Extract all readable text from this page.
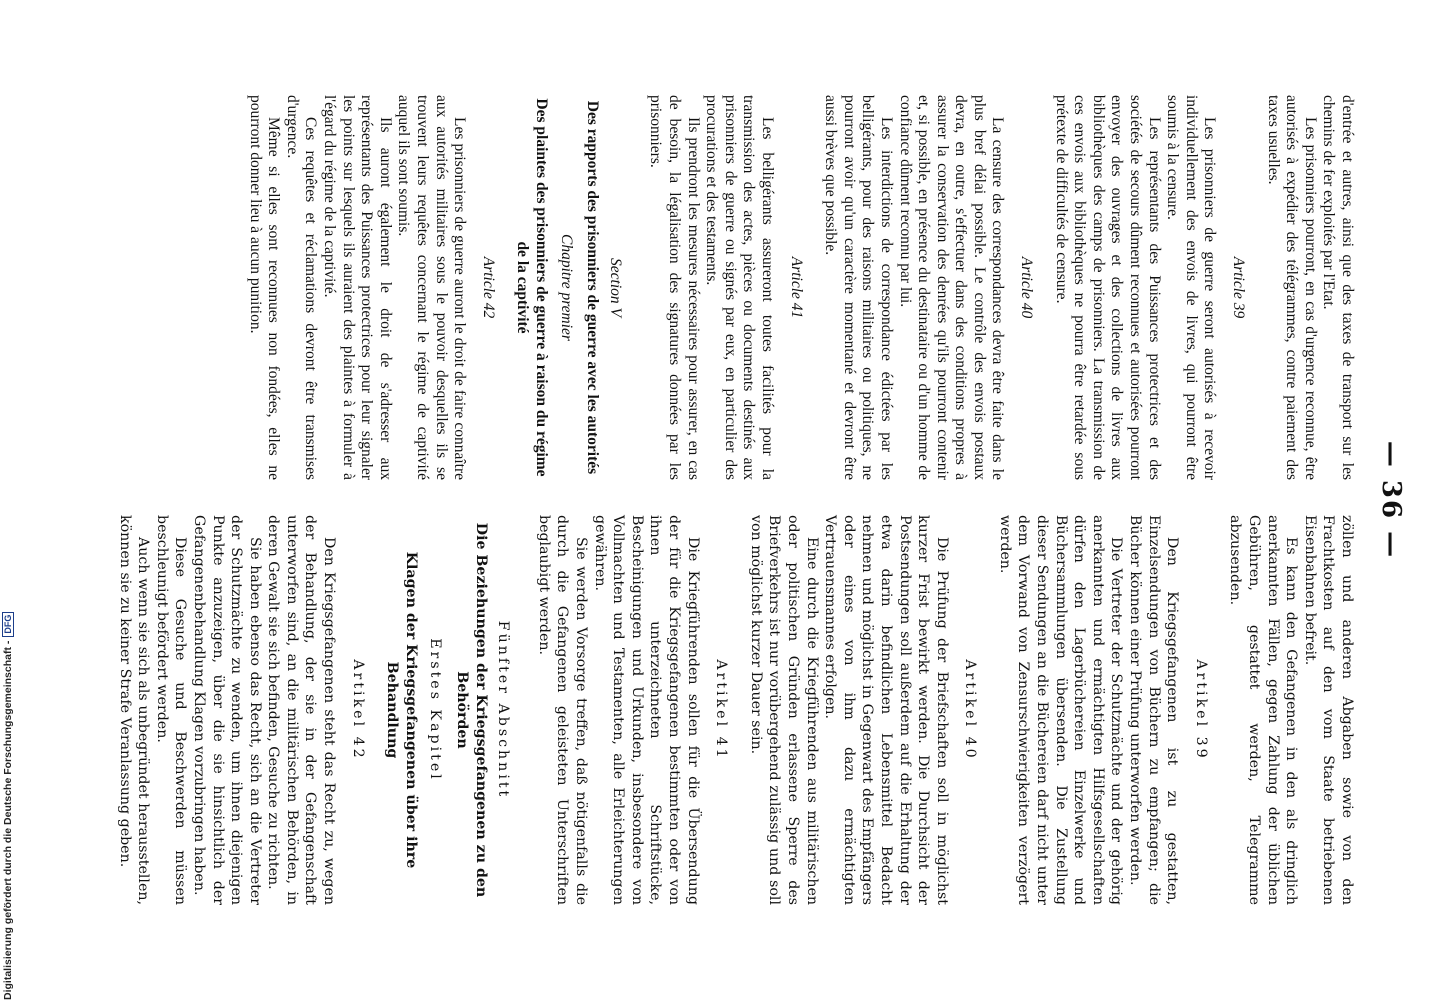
— 36 —

d'entrée et autres, ainsi que des taxes de transport sur les chemins de fer exploités par l'Etat.

Les prisonniers pourront, en cas d'urgence reconnue, être autorisés à expédier des télégrammes, contre paiement des taxes usuelles.

Article 39

Les prisonniers de guerre seront autorisés à recevoir individuellement des envois de livres, qui pourront être soumis à la censure.

Les représentants des Puissances protectrices et des sociétés de secours dûment reconnues et autorisées pourront envoyer des ouvrages et des collections de livres aux bibliothèques des camps de prisonniers. La transmission de ces envois aux bibliothèques ne pourra être retardée sous prétexte de difficultés de censure.

Article 40

La censure des correspondances devra être faite dans le plus bref délai possible. Le contrôle des envois postaux devra, en outre, s'effectuer dans des conditions propres à assurer la conservation des denrées qu'ils pourront contenir et, si possible, en présence du destinataire ou d'un homme de confiance dûment reconnu par lui.

Les interdictions de correspondance édictées par les belligérants, pour des raisons militaires ou politiques, ne pourront avoir qu'un caractère momentané et devront être aussi brèves que possible.

Article 41

Les belligérants assureront toutes facilités pour la transmission des actes, pièces ou documents destinés aux prisonniers de guerre ou signés par eux, en particulier des procurations et des testaments.

Ils prendront les mesures nécessaires pour assurer, en cas de besoin, la légalisation des signatures données par les prisonniers.

Section V
Des rapports des prisonniers de guerre avec les autorités
Chapitre premier
Des plaintes des prisonniers de guerre à raison du régime de la captivité
Article 42

Les prisonniers de guerre auront le droit de faire connaître aux autorités militaires sous le pouvoir desquelles ils se trouvent leurs requêtes concernant le régime de captivité auquel ils sont soumis.

Ils auront également le droit de s'adresser aux représentants des Puissances protectrices pour leur signaler les points sur lesquels ils auraient des plaintes à formuler à l'égard du régime de la captivité.

Ces requêtes et réclamations devront être transmises d'urgence.

Même si elles sont reconnues non fondées, elles ne pourront donner lieu à aucun punition.

zöllen und anderen Abgaben sowie von den Frachtkosten auf den vom Staate betriebenen Eisenbahnen befreit.

Es kann den Gefangenen in den als dringlich anerkannten Fällen, gegen Zahlung der üblichen Gebühren, gestattet werden, Telegramme abzusenden.

Artikel 39

Den Kriegsgefangenen ist zu gestatten, Einzelsendungen von Büchern zu empfangen; die Bücher können einer Prüfung unterworfen werden.

Die Vertreter der Schutzmächte und der gehörig anerkannten und ermächtigten Hilfsgesellschaften dürfen den Lagerbüchereien Einzelwerke und Büchersammlungen übersenden. Die Zustellung dieser Sendungen an die Büchereien darf nicht unter dem Vorwand von Zensurschwierigkeiten verzögert werden.

Artikel 40

Die Prüfung der Briefschaften soll in möglichst kurzer Frist bewirkt werden. Die Durchsicht der Postsendungen soll außerdem auf die Erhaltung der etwa darin befindlichen Lebensmittel Bedacht nehmen und möglichst in Gegenwart des Empfängers oder eines von ihm dazu ermächtigten Vertrauensmannes erfolgen.

Eine durch die Kriegführenden aus militärischen oder politischen Gründen erlassene Sperre des Briefverkehrs ist nur vorübergehend zulässig und soll von möglichst kurzer Dauer sein.

Artikel 41

Die Kriegführenden sollen für die Übersendung der für die Kriegsgefangenen bestimmten oder von ihnen unterzeichneten Schriftstücke, Bescheinigungen und Urkunden, insbesondere von Vollmachten und Testamenten, alle Erleichterungen gewähren.

Sie werden Vorsorge treffen, daß nötigenfalls die durch die Gefangenen geleisteten Unterschriften beglaubigt werden.

Fünfter Abschnitt
Die Beziehungen der Kriegsgefangenen zu den Behörden
Erstes Kapitel
Klagen der Kriegsgefangenen über ihre Behandlung
Artikel 42

Den Kriegsgefangenen steht das Recht zu, wegen der Behandlung, der sie in der Gefangenschaft unterworfen sind, an die militärischen Behörden, in deren Gewalt sie sich befinden, Gesuche zu richten.

Sie haben ebenso das Recht, sich an die Vertreter der Schutzmächte zu wenden, um ihnen diejenigen Punkte anzuzeigen, über die sie hinsichtlich der Gefangenenbehandlung Klagen vorzubringen haben.

Diese Gesuche und Beschwerden müssen beschleunigt befördert werden.

Auch wenn sie sich als unbegründet herausstellen, können sie zu keiner Strafe Veranlassung geben.

Digitalisierung gefördert durch die Deutsche Forschungsgemeinschaft -
DFG
